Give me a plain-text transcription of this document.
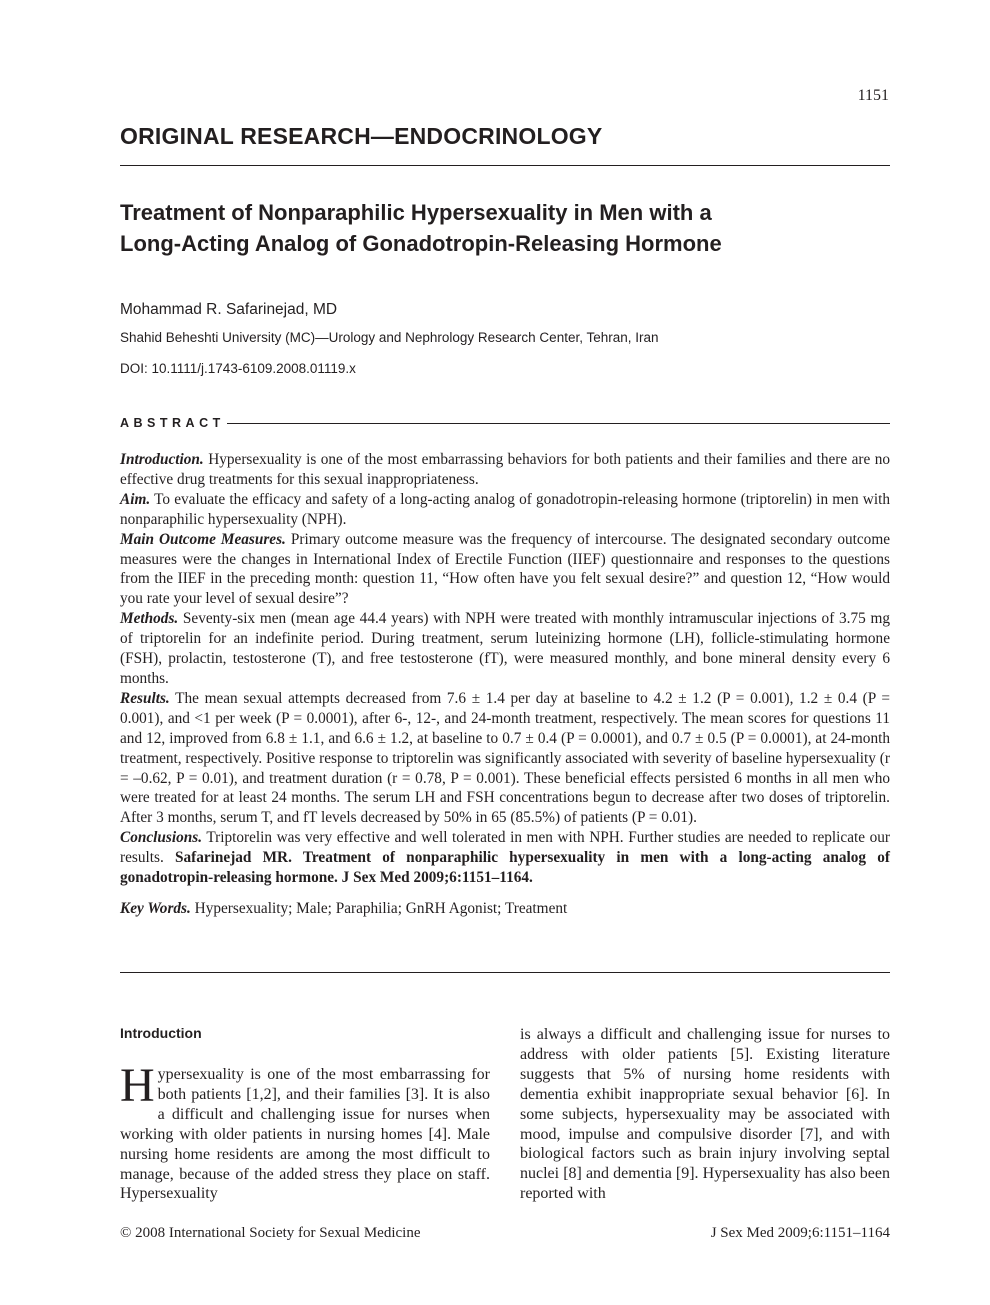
1151
ORIGINAL RESEARCH—ENDOCRINOLOGY
Treatment of Nonparaphilic Hypersexuality in Men with a
Long-Acting Analog of Gonadotropin-Releasing Hormone
Mohammad R. Safarinejad, MD
Shahid Beheshti University (MC)—Urology and Nephrology Research Center, Tehran, Iran
DOI: 10.1111/j.1743-6109.2008.01119.x
ABSTRACT

Introduction. Hypersexuality is one of the most embarrassing behaviors for both patients and their families and there are no effective drug treatments for this sexual inappropriateness.

Aim. To evaluate the efficacy and safety of a long-acting analog of gonadotropin-releasing hormone (triptorelin) in men with nonparaphilic hypersexuality (NPH).

Main Outcome Measures. Primary outcome measure was the frequency of intercourse. The designated secondary outcome measures were the changes in International Index of Erectile Function (IIEF) questionnaire and responses to the questions from the IIEF in the preceding month: question 11, “How often have you felt sexual desire?” and question 12, “How would you rate your level of sexual desire”?

Methods. Seventy-six men (mean age 44.4 years) with NPH were treated with monthly intramuscular injections of 3.75 mg of triptorelin for an indefinite period. During treatment, serum luteinizing hormone (LH), follicle-stimulating hormone (FSH), prolactin, testosterone (T), and free testosterone (fT), were measured monthly, and bone mineral density every 6 months.

Results. The mean sexual attempts decreased from 7.6 ± 1.4 per day at baseline to 4.2 ± 1.2 (P = 0.001), 1.2 ± 0.4 (P = 0.001), and <1 per week (P = 0.0001), after 6-, 12-, and 24-month treatment, respectively. The mean scores for questions 11 and 12, improved from 6.8 ± 1.1, and 6.6 ± 1.2, at baseline to 0.7 ± 0.4 (P = 0.0001), and 0.7 ± 0.5 (P = 0.0001), at 24-month treatment, respectively. Positive response to triptorelin was significantly associated with severity of baseline hypersexuality (r = –0.62, P = 0.01), and treatment duration (r = 0.78, P = 0.001). These beneficial effects persisted 6 months in all men who were treated for at least 24 months. The serum LH and FSH concentrations begun to decrease after two doses of triptorelin. After 3 months, serum T, and fT levels decreased by 50% in 65 (85.5%) of patients (P = 0.01).

Conclusions. Triptorelin was very effective and well tolerated in men with NPH. Further studies are needed to replicate our results. Safarinejad MR. Treatment of nonparaphilic hypersexuality in men with a long-acting analog of gonadotropin-releasing hormone. J Sex Med 2009;6:1151–1164.

Key Words. Hypersexuality; Male; Paraphilia; GnRH Agonist; Treatment

Introduction

Hypersexuality is one of the most embarrassing for both patients [1,2], and their families [3]. It is also a difficult and challenging issue for nurses when working with older patients in nursing homes [4]. Male nursing home residents are among the most difficult to manage, because of the added stress they place on staff. Hypersexuality

is always a difficult and challenging issue for nurses to address with older patients [5]. Existing literature suggests that 5% of nursing home residents with dementia exhibit inappropriate sexual behavior [6]. In some subjects, hypersexuality may be associated with mood, impulse and compulsive disorder [7], and with biological factors such as brain injury involving septal nuclei [8] and dementia [9]. Hypersexuality has also been reported with

© 2008 International Society for Sexual Medicine	J Sex Med 2009;6:1151–1164
